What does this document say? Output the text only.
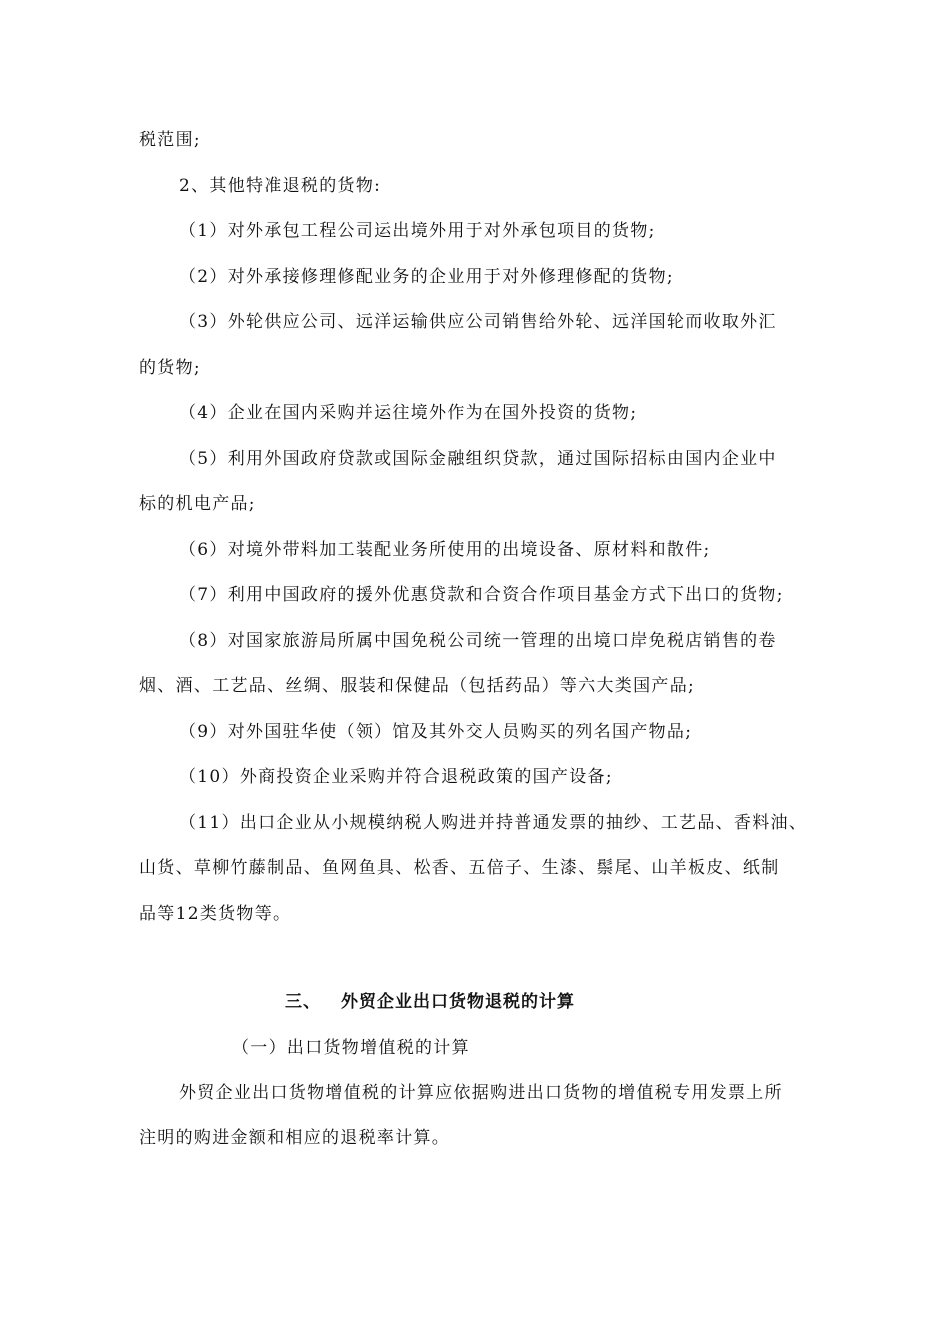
税范围;
2、其他特准退税的货物:
（1）对外承包工程公司运出境外用于对外承包项目的货物;
（2）对外承接修理修配业务的企业用于对外修理修配的货物;
（3）外轮供应公司、远洋运输供应公司销售给外轮、远洋国轮而收取外汇
的货物;
（4）企业在国内采购并运往境外作为在国外投资的货物;
（5）利用外国政府贷款或国际金融组织贷款，通过国际招标由国内企业中
标的机电产品;
（6）对境外带料加工装配业务所使用的出境设备、原材料和散件;
（7）利用中国政府的援外优惠贷款和合资合作项目基金方式下出口的货物;
（8）对国家旅游局所属中国免税公司统一管理的出境口岸免税店销售的卷
烟、酒、工艺品、丝绸、服装和保健品（包括药品）等六大类国产品;
（9）对外国驻华使（领）馆及其外交人员购买的列名国产物品;
（10）外商投资企业采购并符合退税政策的国产设备;
（11）出口企业从小规模纳税人购进并持普通发票的抽纱、工艺品、香料油、
山货、草柳竹藤制品、鱼网鱼具、松香、五倍子、生漆、鬃尾、山羊板皮、纸制
品等12类货物等。
三、 外贸企业出口货物退税的计算
（一）出口货物增值税的计算
外贸企业出口货物增值税的计算应依据购进出口货物的增值税专用发票上所
注明的购进金额和相应的退税率计算。
